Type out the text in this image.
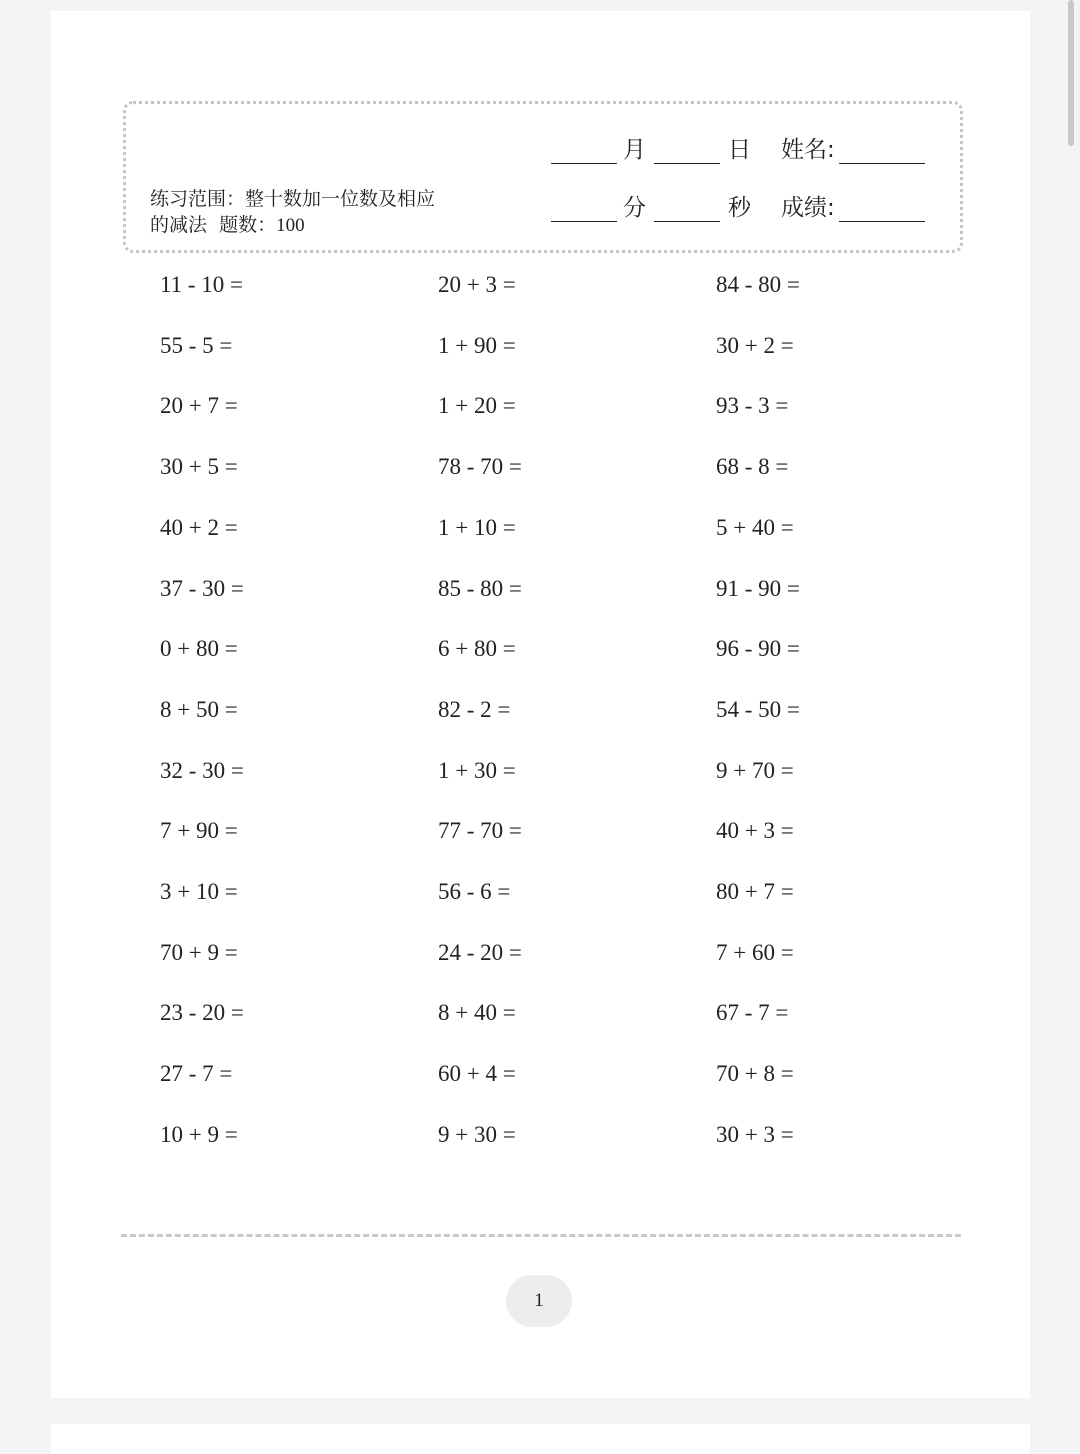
练习范围：整十数加一位数及相应的减法 题数：100
月	日 姓名:
分	秒 成绩:
11 - 10 =
55 - 5 =
20 + 7 =
30 + 5 =
40 + 2 =
37 - 30 =
0 + 80 =
8 + 50 =
32 - 30 =
7 + 90 =
3 + 10 =
70 + 9 =
23 - 20 =
27 - 7 =
10 + 9 =
20 + 3 =
1 + 90 =
1 + 20 =
78 - 70 =
1 + 10 =
85 - 80 =
6 + 80 =
82 - 2 =
1 + 30 =
77 - 70 =
56 - 6 =
24 - 20 =
8 + 40 =
60 + 4 =
9 + 30 =
84 - 80 =
30 + 2 =
93 - 3 =
68 - 8 =
5 + 40 =
91 - 90 =
96 - 90 =
54 - 50 =
9 + 70 =
40 + 3 =
80 + 7 =
7 + 60 =
67 - 7 =
70 + 8 =
30 + 3 =
1
